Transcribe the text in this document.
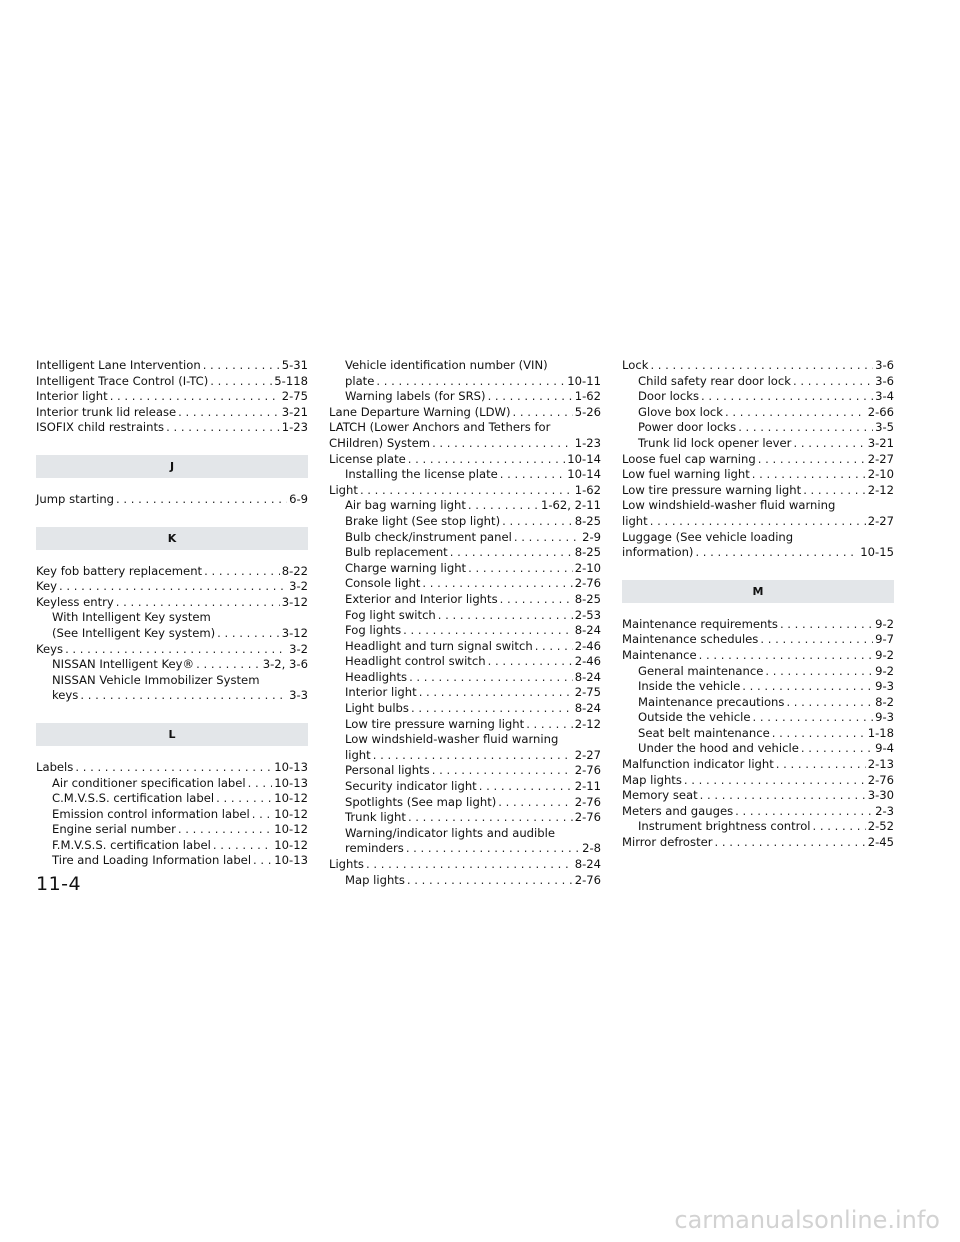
Intelligent Lane Intervention . . .	5-31
Intelligent Trace Control (I-TC) . . .	5-118
Interior light . . .	2-75
Interior trunk lid release . . .	3-21
ISOFIX child restraints . . .	1-23
J
Jump starting . . .	6-9
K
Key fob battery replacement . . .	8-22
Key . . .	3-2
Keyless entry . . .	3-12
With Intelligent Key system
(See Intelligent Key system) . . .	3-12
Keys . . .	3-2
NISSAN Intelligent Key® . . .	3-2, 3-6
NISSAN Vehicle Immobilizer System
keys . . .	3-3
L
Labels . . .	10-13
Air conditioner specification label . . . 10-13
C.M.V.S.S. certification label . . .	10-12
Emission control information label . . . 10-12
Engine serial number . . .	10-12
F.M.V.S.S. certification label . . .	10-12
Tire and Loading Information label . . . 10-13
Vehicle identification number (VIN)
plate . . .	10-11
Warning labels (for SRS) . . .	1-62
Lane Departure Warning (LDW) . . .	5-26
LATCH (Lower Anchors and Tethers for
CHildren) System . . .	1-23
License plate . . .	10-14
Installing the license plate . . .	10-14
Light . . .	1-62
Air bag warning light . . .	1-62, 2-11
Brake light (See stop light) . . .	8-25
Bulb check/instrument panel . . .	2-9
Bulb replacement . . .	8-25
Charge warning light . . .	2-10
Console light . . .	2-76
Exterior and Interior lights . . .	8-25
Fog light switch . . .	2-53
Fog lights . . .	8-24
Headlight and turn signal switch . . .	2-46
Headlight control switch . . .	2-46
Headlights . . .	8-24
Interior light . . .	2-75
Light bulbs . . .	8-24
Low tire pressure warning light . . .	2-12
Low windshield-washer fluid warning
light . . .	2-27
Personal lights . . .	2-76
Security indicator light . . .	2-11
Spotlights (See map light) . . .	2-76
Trunk light . . .	2-76
Warning/indicator lights and audible
reminders . . .	2-8
Lights . . .	8-24
Map lights . . .	2-76
Lock . . .	3-6
Child safety rear door lock . . .	3-6
Door locks . . .	3-4
Glove box lock . . .	2-66
Power door locks . . .	3-5
Trunk lid lock opener lever . . .	3-21
Loose fuel cap warning . . .	2-27
Low fuel warning light . . .	2-10
Low tire pressure warning light . . .	2-12
Low windshield-washer fluid warning
light . . .	2-27
Luggage (See vehicle loading
information) . . .	10-15
M
Maintenance requirements . . .	9-2
Maintenance schedules . . .	9-7
Maintenance . . .	9-2
General maintenance . . .	9-2
Inside the vehicle . . .	9-3
Maintenance precautions . . .	8-2
Outside the vehicle . . .	9-3
Seat belt maintenance . . .	1-18
Under the hood and vehicle . . .	9-4
Malfunction indicator light . . .	2-13
Map lights . . .	2-76
Memory seat . . .	3-30
Meters and gauges . . .	2-3
Instrument brightness control . . .	2-52
Mirror defroster . . .	2-45
11-4
carmanualsonline.info
